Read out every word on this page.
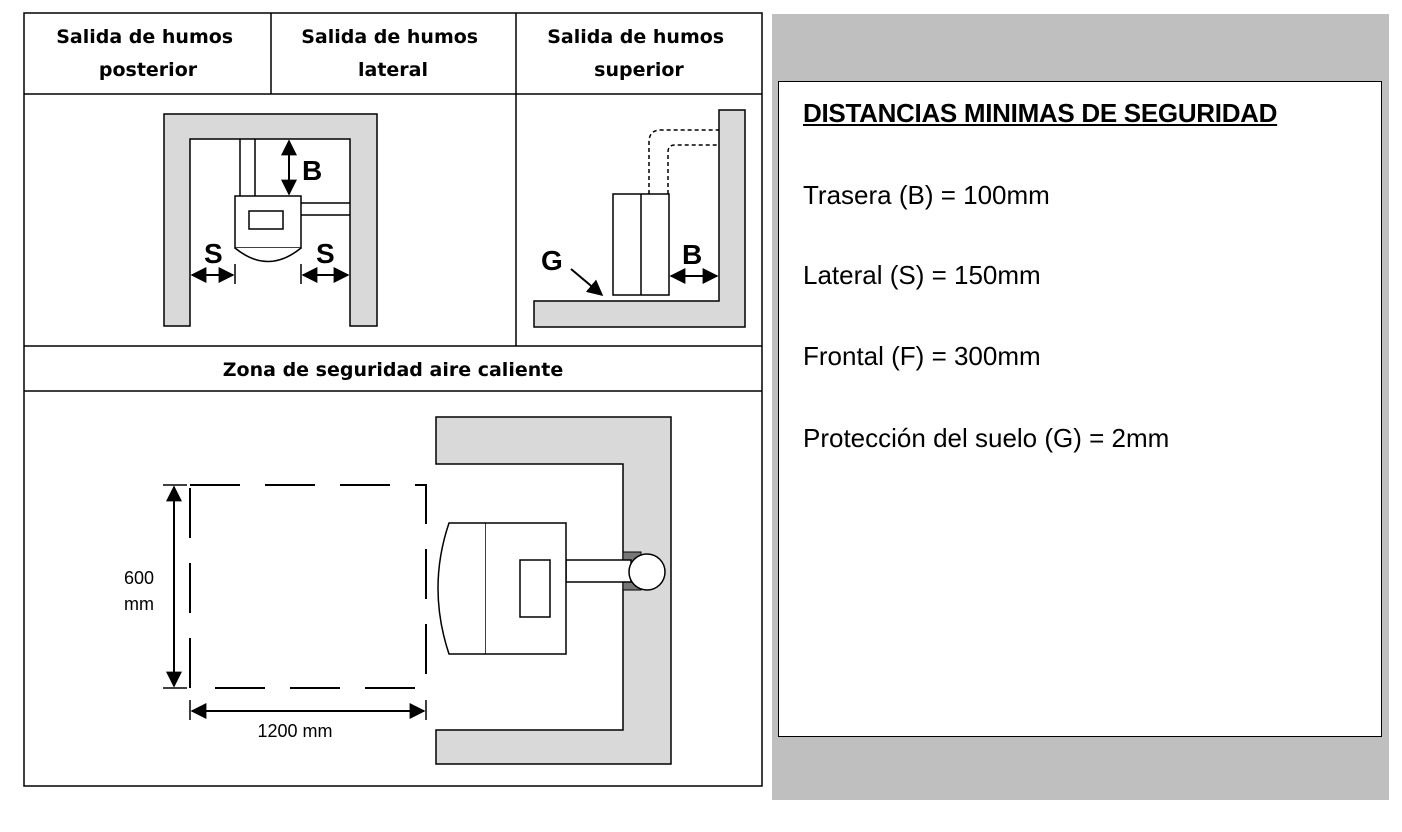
Salida de humos posterior
Salida de humos lateral
Salida de humos superior
B
S	S	B
G
Zona de seguridad aire caliente
600
mm
1200 mm

DISTANCIAS MINIMAS DE SEGURIDAD

Trasera (B) = 100mm

Lateral (S) = 150mm

Frontal (F) = 300mm

Protección del suelo (G) = 2mm
